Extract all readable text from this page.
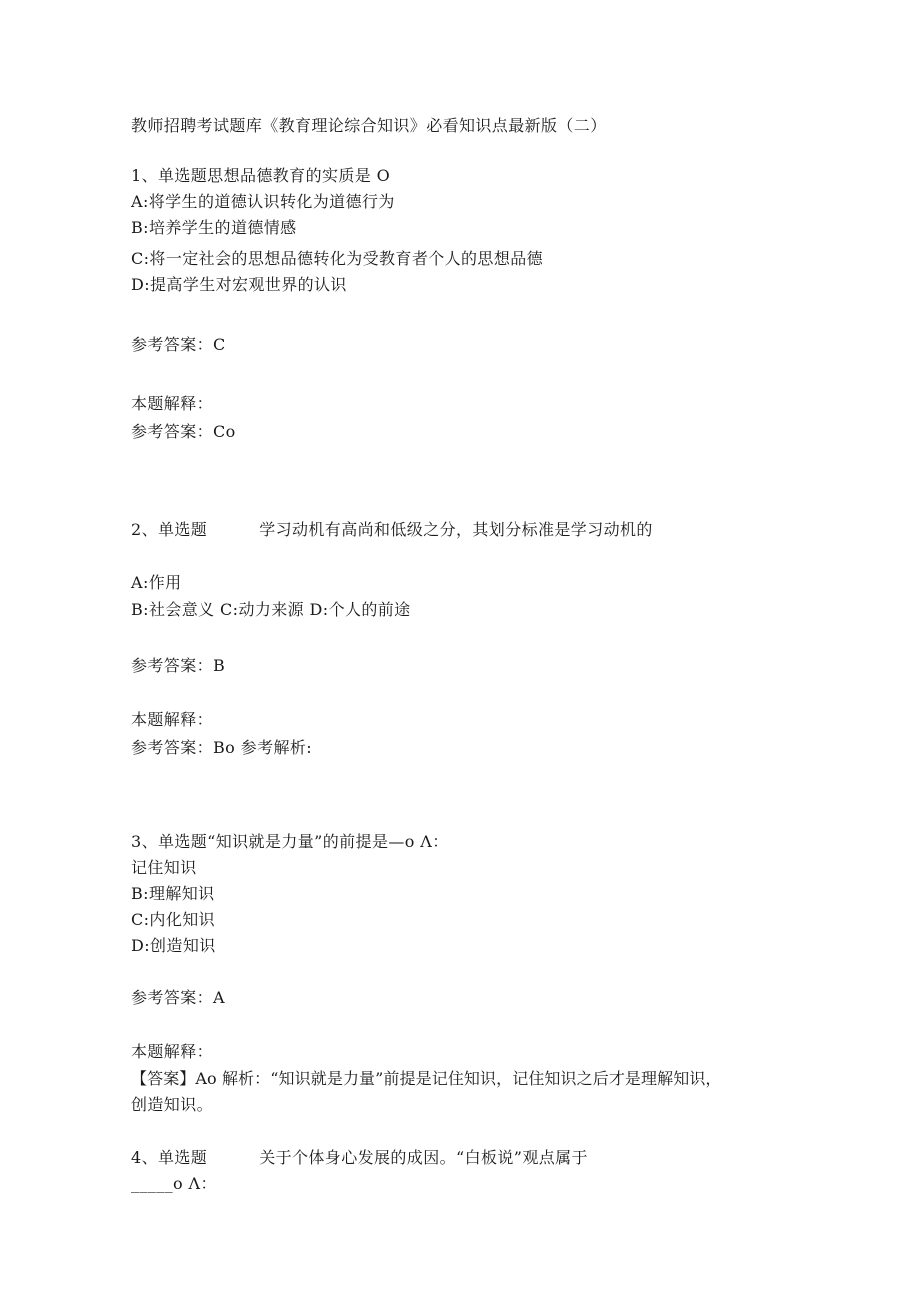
教师招聘考试题库《教育理论综合知识》必看知识点最新版（二）
1、单选题思想品德教育的实质是 O
A:将学生的道德认识转化为道德行为
B:培养学生的道德情感
C:将一定社会的思想品德转化为受教育者个人的思想品德
D:提高学生对宏观世界的认识
参考答案：C
本题解释：
参考答案：Co
2、单选题	学习动机有高尚和低级之分，其划分标准是学习动机的
A:作用
B:社会意义 C:动力来源 D:个人的前途
参考答案：B
本题解释：
参考答案：Bo 参考解析:
3、单选题“知识就是力量”的前提是—o Λ：
记住知识
B:理解知识
C:内化知识
D:创造知识
参考答案：A
本题解释：
【答案】Ao 解析：“知识就是力量”前提是记住知识，记住知识之后才是理解知识，
创造知识。
4、单选题	关于个体身心发展的成因。“白板说”观点属于
_____o Λ：
